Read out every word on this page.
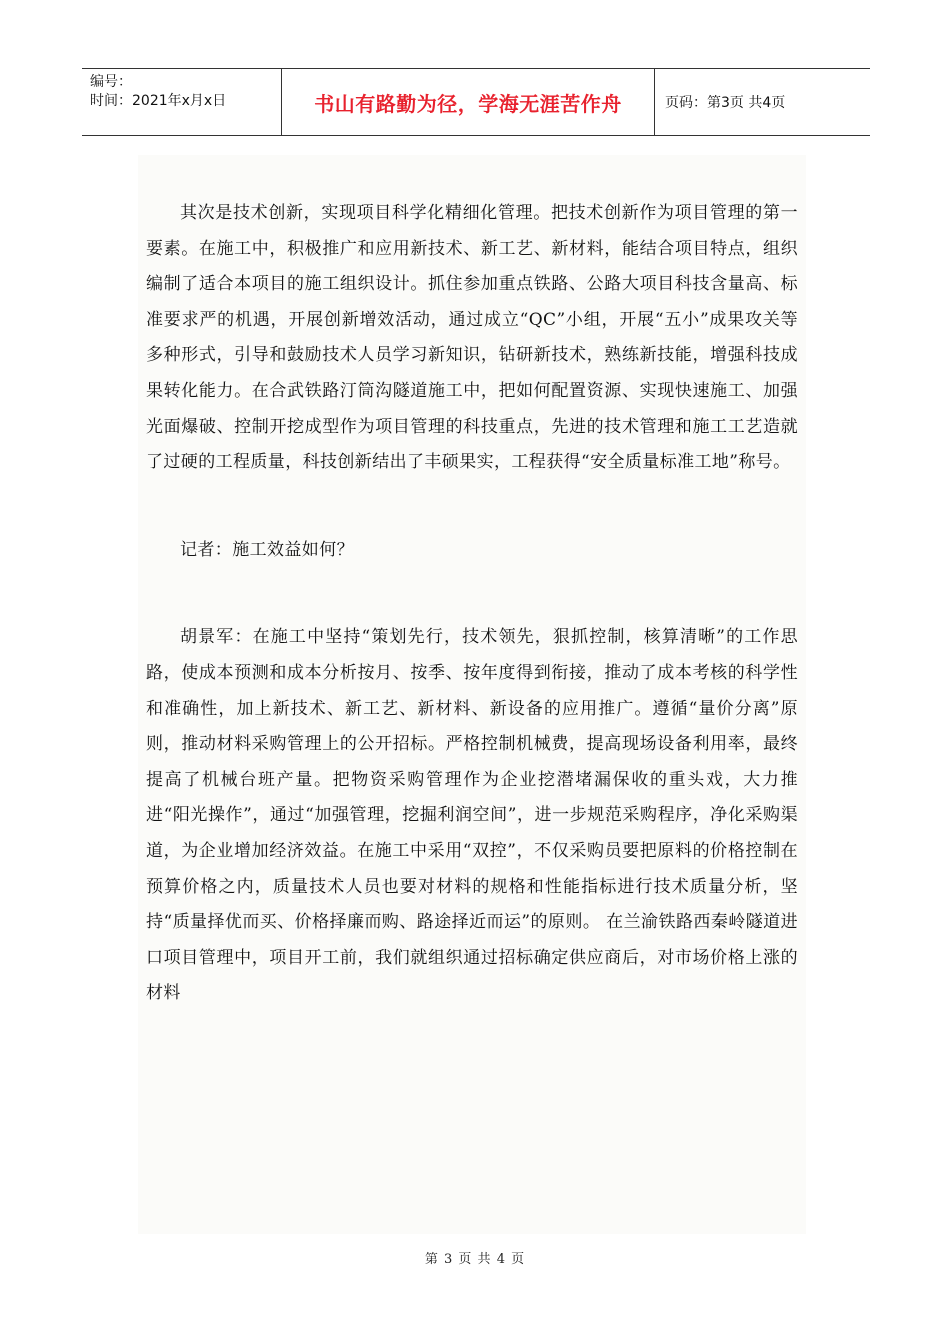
编号：
时间：2021年x月x日	书山有路勤为径，学海无涯苦作舟	页码：第3页 共4页

其次是技术创新，实现项目科学化精细化管理。把技术创新作为项目管理的第一要素。在施工中，积极推广和应用新技术、新工艺、新材料，能结合项目特点，组织编制了适合本项目的施工组织设计。抓住参加重点铁路、公路大项目科技含量高、标准要求严的机遇，开展创新增效活动，通过成立“QC”小组，开展“五小”成果攻关等多种形式，引导和鼓励技术人员学习新知识，钻研新技术，熟练新技能，增强科技成果转化能力。在合武铁路汀筒沟隧道施工中，把如何配置资源、实现快速施工、加强光面爆破、控制开挖成型作为项目管理的科技重点，先进的技术管理和施工工艺造就了过硬的工程质量，科技创新结出了丰硕果实，工程获得“安全质量标准工地”称号。

记者：施工效益如何？

胡景军：在施工中坚持“策划先行，技术领先，狠抓控制，核算清晰”的工作思路，使成本预测和成本分析按月、按季、按年度得到衔接，推动了成本考核的科学性和准确性，加上新技术、新工艺、新材料、新设备的应用推广。遵循“量价分离”原则，推动材料采购管理上的公开招标。严格控制机械费，提高现场设备利用率，最终提高了机械台班产量。把物资采购管理作为企业挖潜堵漏保收的重头戏，大力推进“阳光操作”，通过“加强管理，挖掘利润空间”，进一步规范采购程序，净化采购渠道，为企业增加经济效益。在施工中采用“双控”，不仅采购员要把原料的价格控制在预算价格之内，质量技术人员也要对材料的规格和性能指标进行技术质量分析，坚持“质量择优而买、价格择廉而购、路途择近而运”的原则。 在兰渝铁路西秦岭隧道进口项目管理中，项目开工前，我们就组织通过招标确定供应商后，对市场价格上涨的材料

第 3 页 共 4 页
